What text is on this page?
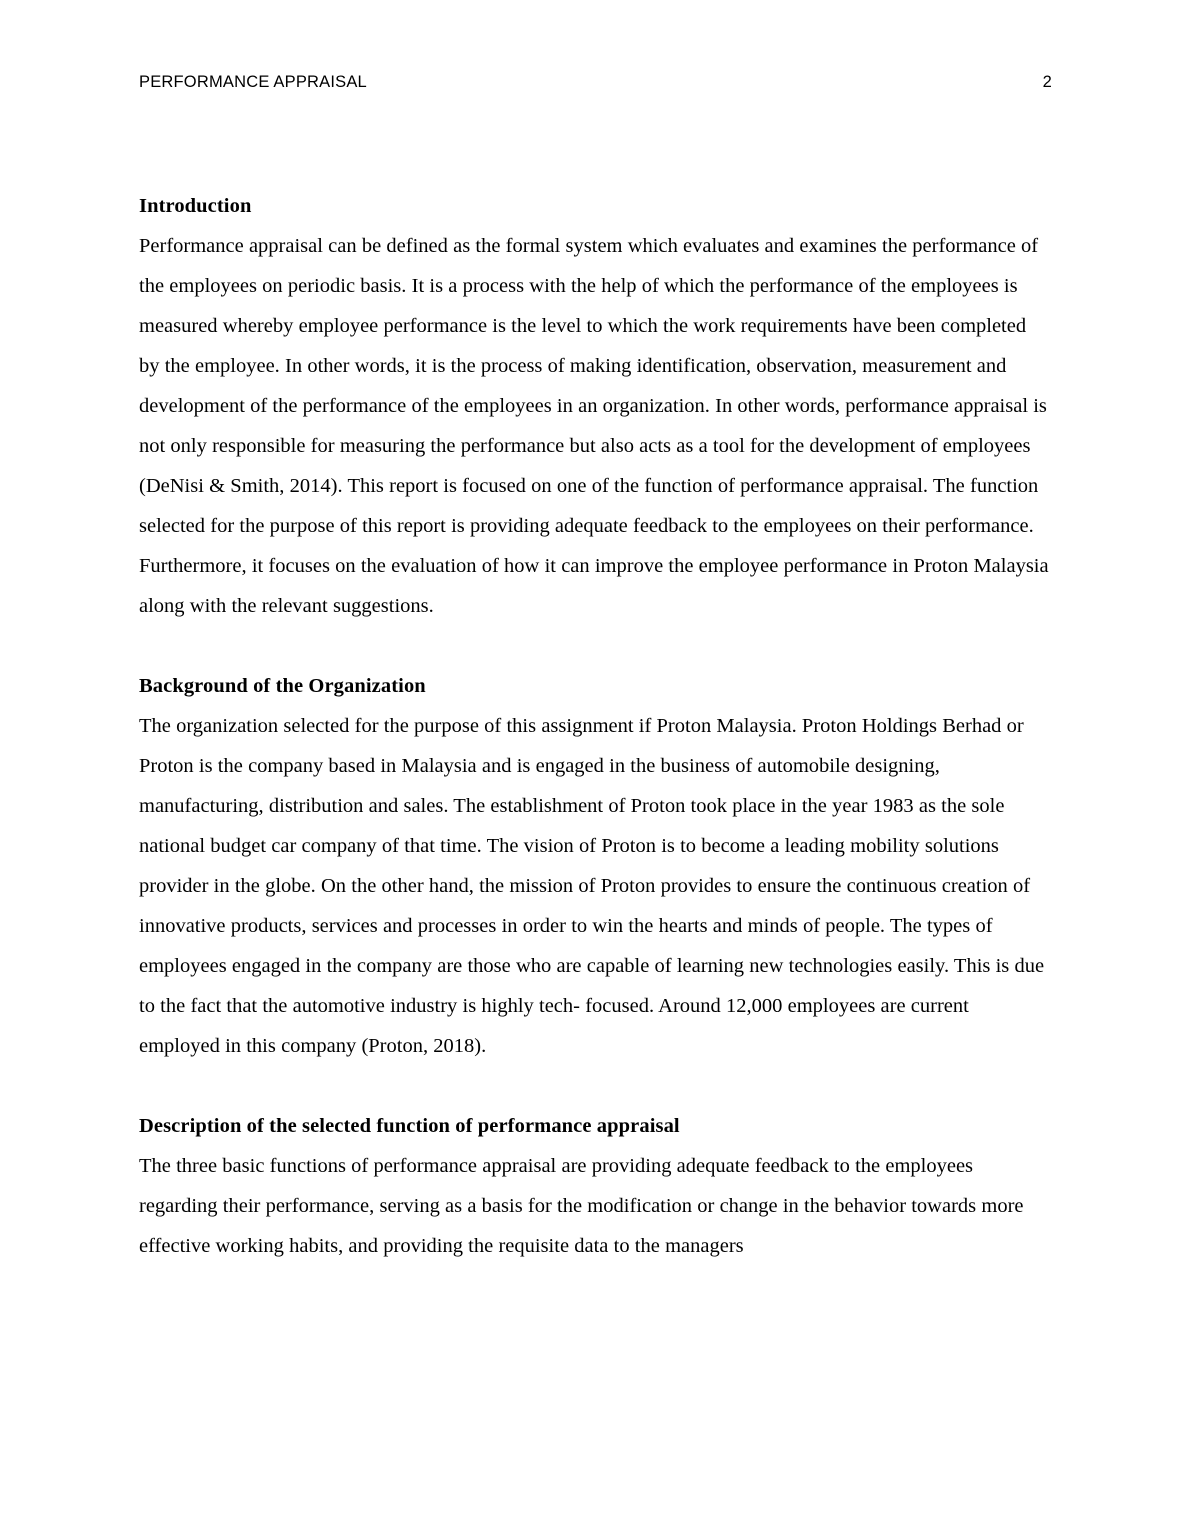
PERFORMANCE APPRAISAL	2
Introduction

Performance appraisal can be defined as the formal system which evaluates and examines the performance of the employees on periodic basis. It is a process with the help of which the performance of the employees is measured whereby employee performance is the level to which the work requirements have been completed by the employee. In other words, it is the process of making identification, observation, measurement and development of the performance of the employees in an organization. In other words, performance appraisal is not only responsible for measuring the performance but also acts as a tool for the development of employees (DeNisi & Smith, 2014). This report is focused on one of the function of performance appraisal. The function selected for the purpose of this report is providing adequate feedback to the employees on their performance. Furthermore, it focuses on the evaluation of how it can improve the employee performance in Proton Malaysia along with the relevant suggestions.

Background of the Organization

The organization selected for the purpose of this assignment if Proton Malaysia. Proton Holdings Berhad or Proton is the company based in Malaysia and is engaged in the business of automobile designing, manufacturing, distribution and sales. The establishment of Proton took place in the year 1983 as the sole national budget car company of that time. The vision of Proton is to become a leading mobility solutions provider in the globe. On the other hand, the mission of Proton provides to ensure the continuous creation of innovative products, services and processes in order to win the hearts and minds of people. The types of employees engaged in the company are those who are capable of learning new technologies easily. This is due to the fact that the automotive industry is highly tech- focused. Around 12,000 employees are current employed in this company (Proton, 2018).

Description of the selected function of performance appraisal

The three basic functions of performance appraisal are providing adequate feedback to the employees regarding their performance, serving as a basis for the modification or change in the behavior towards more effective working habits, and providing the requisite data to the managers
